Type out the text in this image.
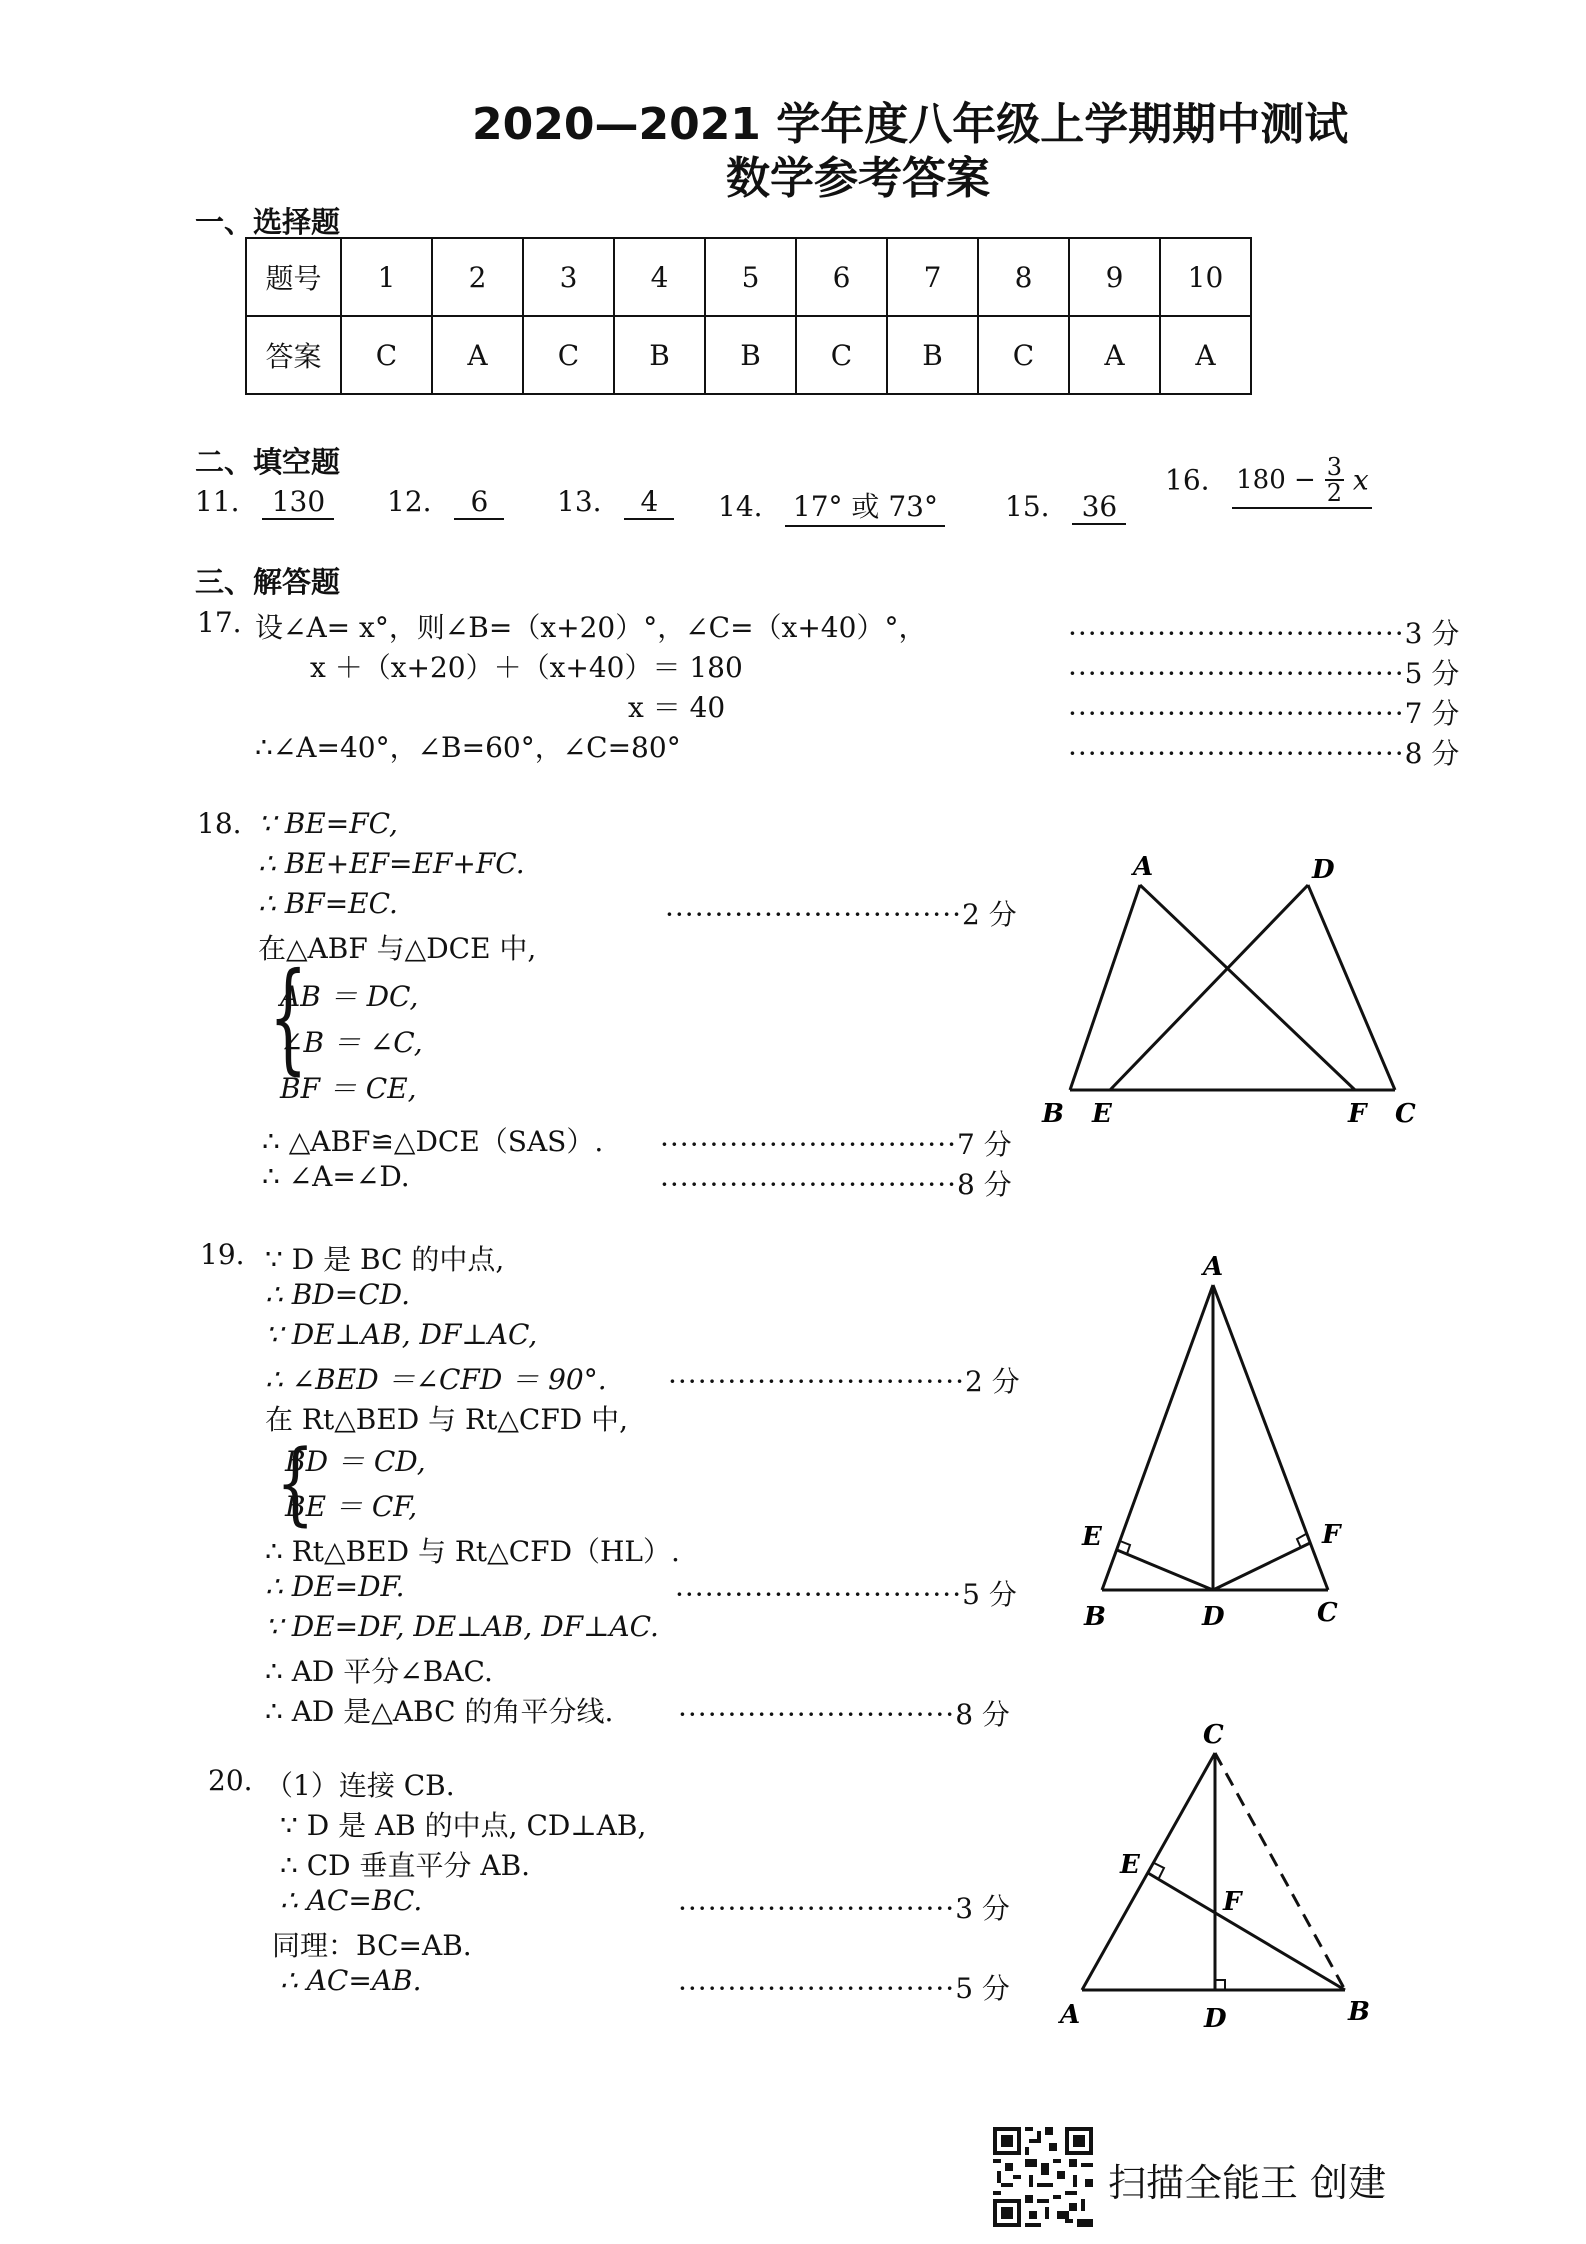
2020—2021 学年度八年级上学期期中测试
数学参考答案
一、选择题
题号	1	2	3	4	5	6	7	8	9	10
答案	C	A	C	B	B	C	B	C	A	A
二、填空题
11. 130	12. 6	13. 4	14. 17° 或 73° 15. 36
16. $180 - \frac{3}{2}$ x
三、解答题
17. 设∠A= x°，则∠B=（x+20）°，∠C=（x+40）°，
x ＋（x+20）＋（x+40）＝ 180
x ＝ 40
∴∠A=40°，∠B=60°，∠C=80°
··································3 分
··································5 分
··································7 分
··································8 分
18. ∵ BE=FC,
∴ BE+EF=EF+FC.
∴ BF=EC.
在△ABF 与△DCE 中,
{
AB ＝ DC,
∠B ＝ ∠C,
BF ＝ CE,
∴ △ABF≌△DCE（SAS）.
∴ ∠A=∠D.
······························2 分
······························7 分
······························8 分
A	D
B E	F C
19. ∵ D 是 BC 的中点,
∴ BD=CD.
∵ DE⊥AB, DF⊥AC,
∴ ∠BED ＝∠CFD ＝ 90°.
在 Rt△BED 与 Rt△CFD 中,
{
BD ＝ CD,
BE ＝ CF,
∴ Rt△BED 与 Rt△CFD（HL）.
∴ DE=DF.
∵ DE=DF, DE⊥AB, DF⊥AC.
∴ AD 平分∠BAC.
∴ AD 是△ABC 的角平分线.
······························2 分
·····························5 分
····························8 分
A
E	F
B	D	C
20. （1）连接 CB.
∵ D 是 AB 的中点, CD⊥AB,
∴ CD 垂直平分 AB.
∴ AC=BC.
同理：BC=AB.
∴ AC=AB.
····························3 分
····························5 分
C
E
F
A	D	B
扫描全能王 创建
